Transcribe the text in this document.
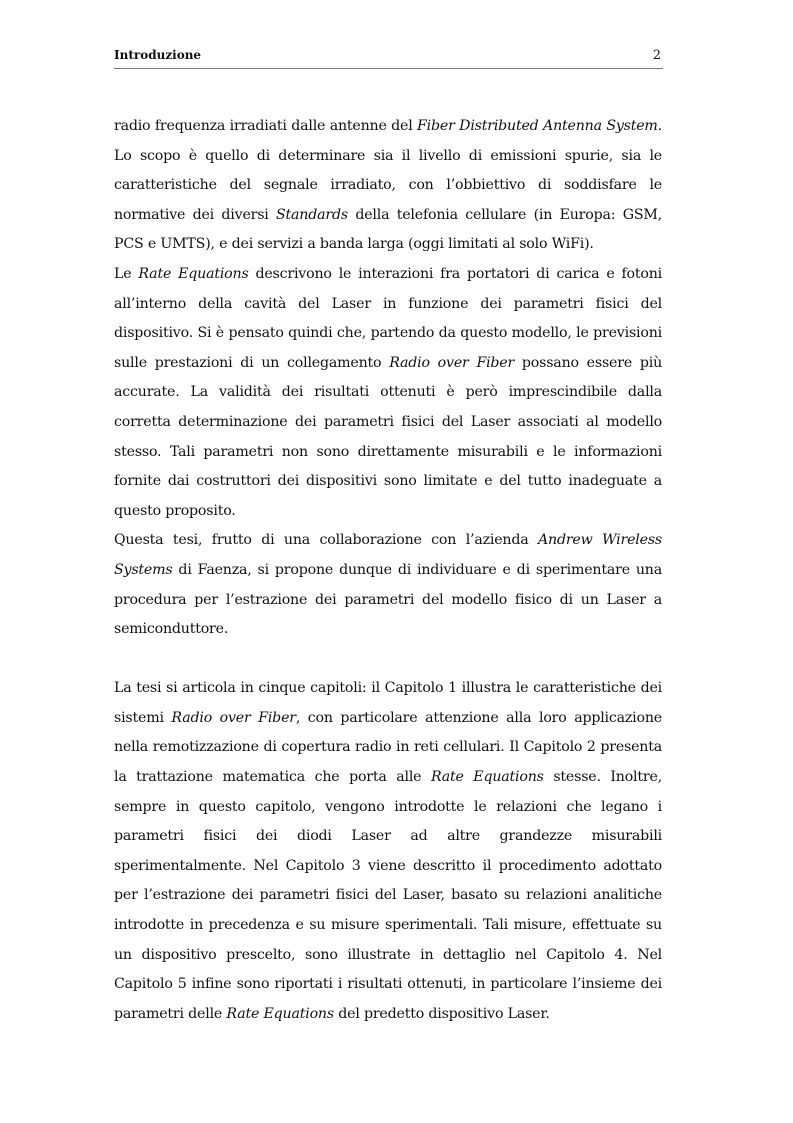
Introduzione	2

radio frequenza irradiati dalle antenne del Fiber Distributed Antenna System. Lo scopo è quello di determinare sia il livello di emissioni spurie, sia le caratteristiche del segnale irradiato, con l’obbiettivo di soddisfare le normative dei diversi Standards della telefonia cellulare (in Europa: GSM, PCS e UMTS), e dei servizi a banda larga (oggi limitati al solo WiFi).

Le Rate Equations descrivono le interazioni fra portatori di carica e fotoni all’interno della cavità del Laser in funzione dei parametri fisici del dispositivo. Si è pensato quindi che, partendo da questo modello, le previsioni sulle prestazioni di un collegamento Radio over Fiber possano essere più accurate. La validità dei risultati ottenuti è però imprescindibile dalla corretta determinazione dei parametri fisici del Laser associati al modello stesso. Tali parametri non sono direttamente misurabili e le informazioni fornite dai costruttori dei dispositivi sono limitate e del tutto inadeguate a questo proposito.

Questa tesi, frutto di una collaborazione con l’azienda Andrew Wireless Systems di Faenza, si propone dunque di individuare e di sperimentare una procedura per l’estrazione dei parametri del modello fisico di un Laser a semiconduttore.

La tesi si articola in cinque capitoli: il Capitolo 1 illustra le caratteristiche dei sistemi Radio over Fiber, con particolare attenzione alla loro applicazione nella remotizzazione di copertura radio in reti cellulari. Il Capitolo 2 presenta la trattazione matematica che porta alle Rate Equations stesse. Inoltre, sempre in questo capitolo, vengono introdotte le relazioni che legano i parametri fisici dei diodi Laser ad altre grandezze misurabili sperimentalmente. Nel Capitolo 3 viene descritto il procedimento adottato per l’estrazione dei parametri fisici del Laser, basato su relazioni analitiche introdotte in precedenza e su misure sperimentali. Tali misure, effettuate su un dispositivo prescelto, sono illustrate in dettaglio nel Capitolo 4. Nel Capitolo 5 infine sono riportati i risultati ottenuti, in particolare l’insieme dei parametri delle Rate Equations del predetto dispositivo Laser.
